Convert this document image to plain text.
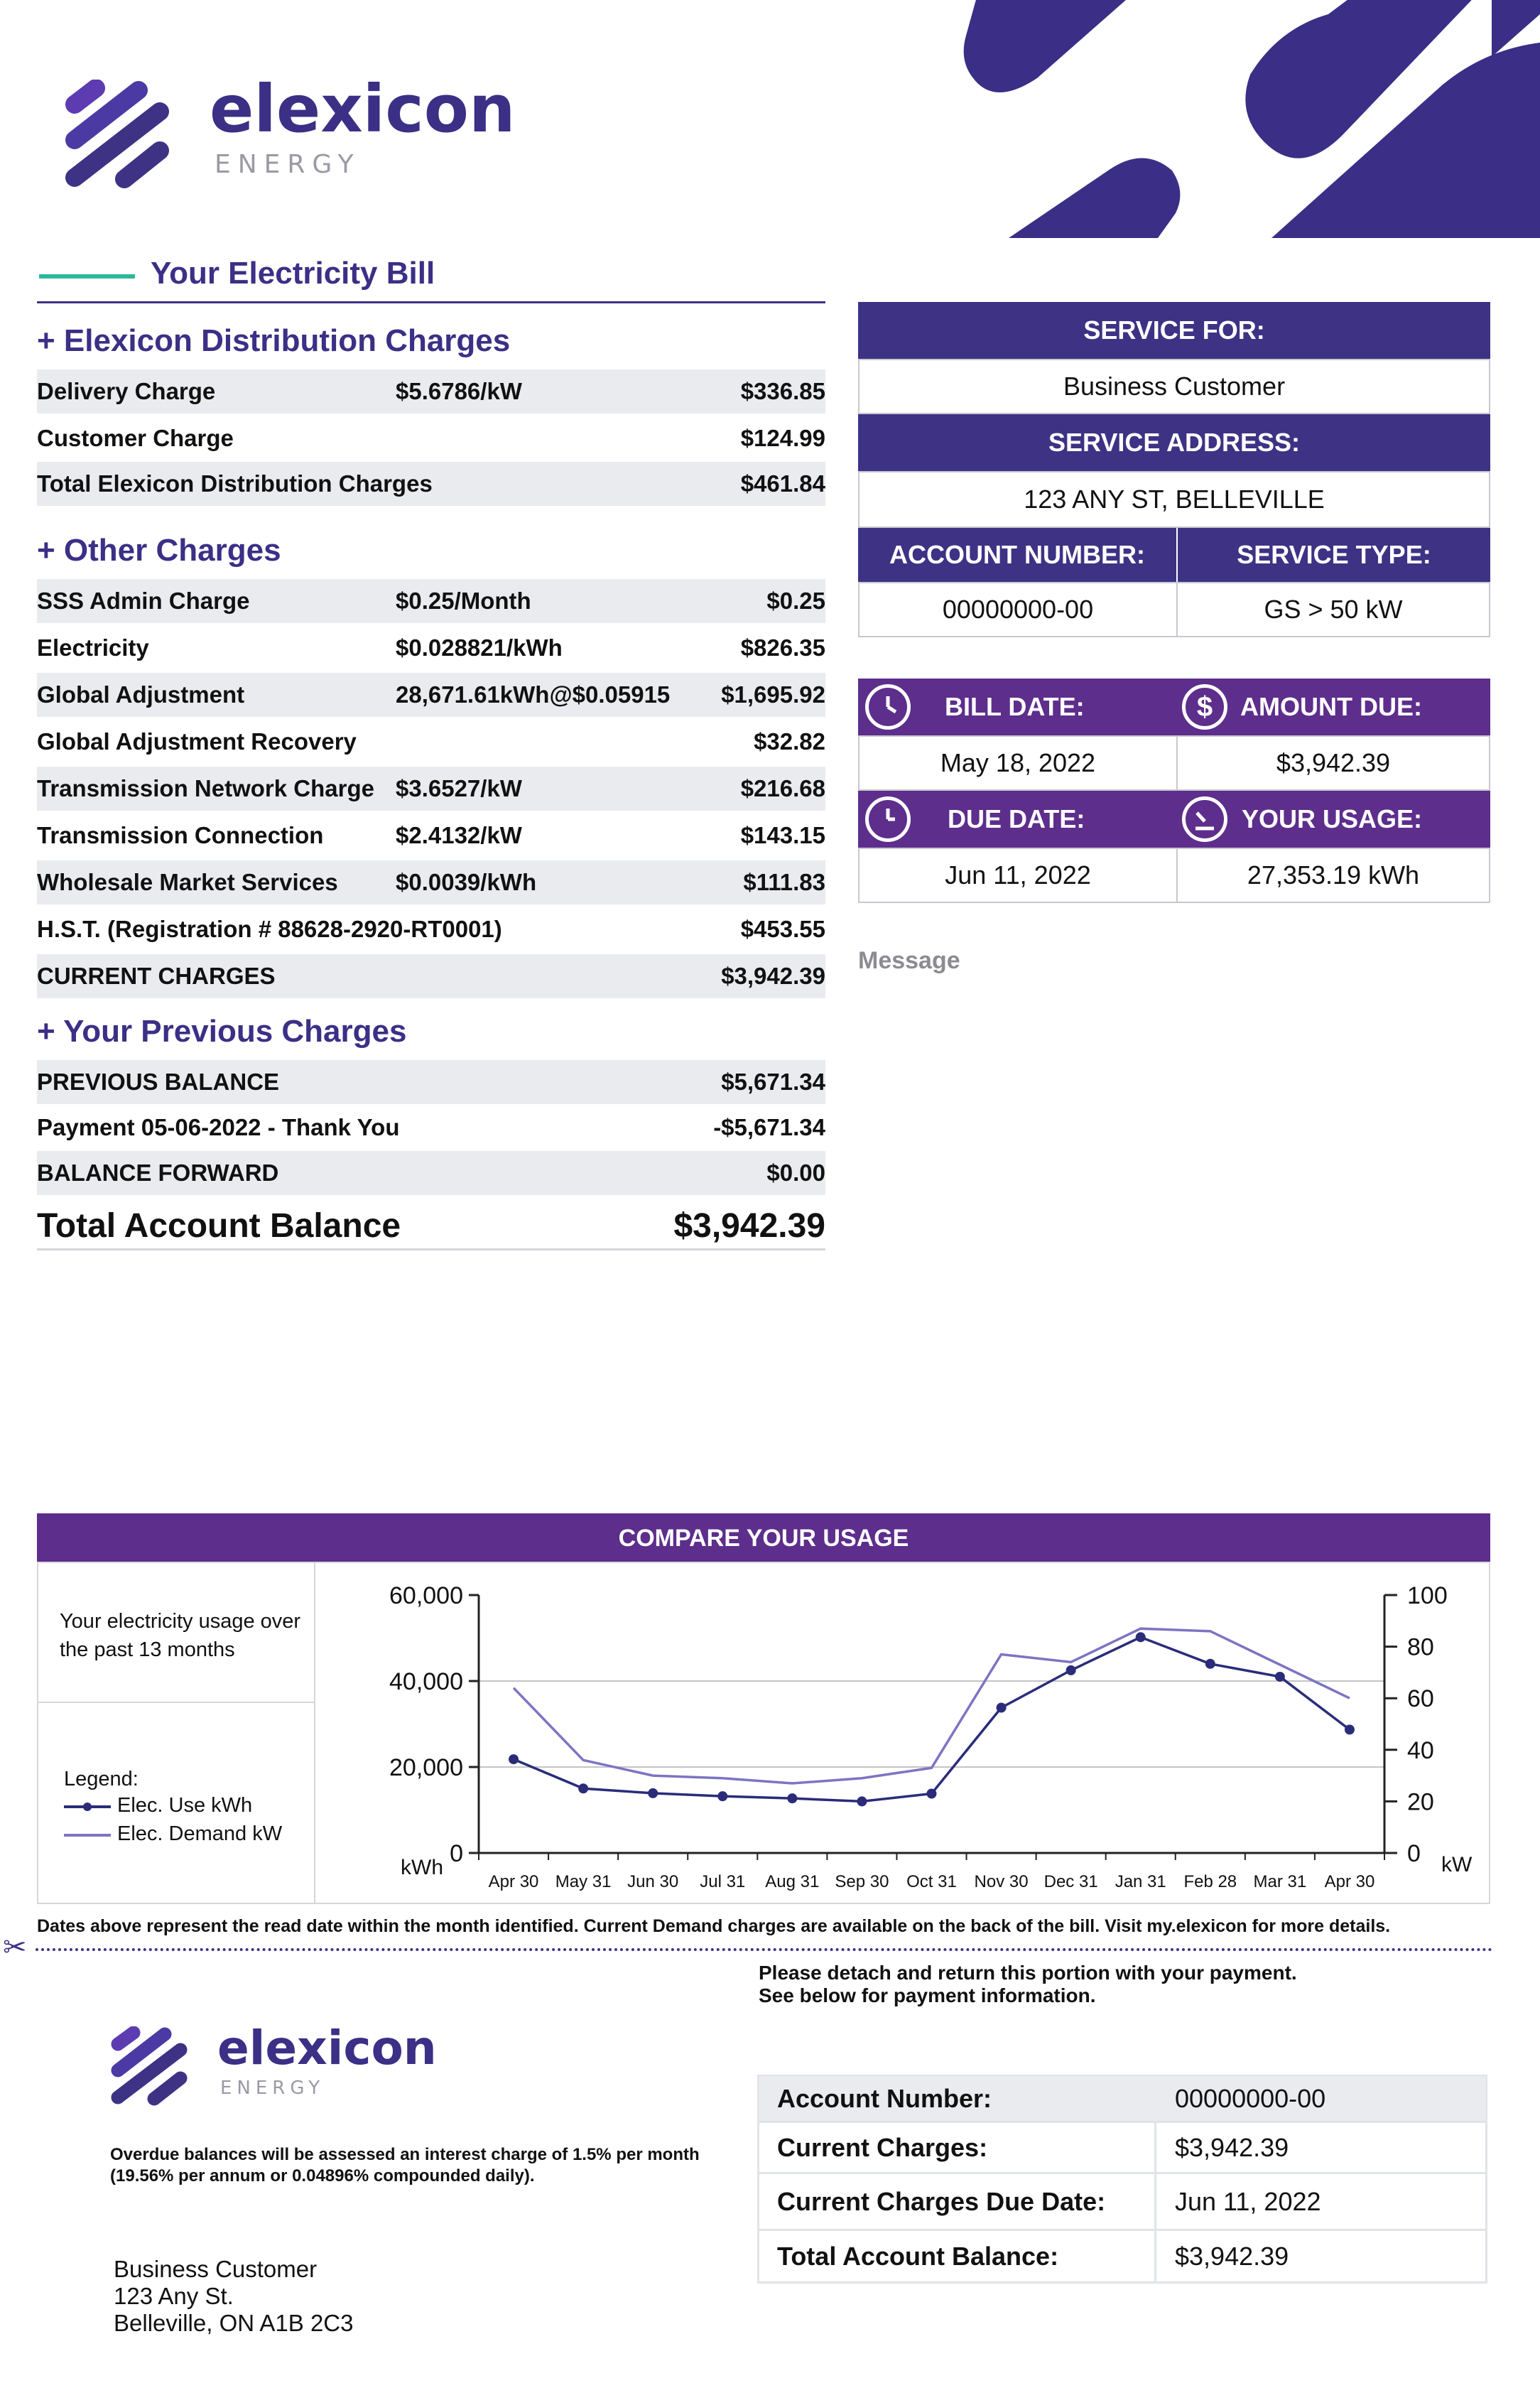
elexicon
ENERGY
Your Electricity Bill
+ Elexicon Distribution Charges
Delivery Charge	$5.6786/kW	$336.85
Customer Charge	$124.99
Total Elexicon Distribution Charges	$461.84
+ Other Charges
SSS Admin Charge	$0.25/Month	$0.25
Electricity	$0.028821/kWh	$826.35
Global Adjustment	28,671.61kWh@$0.05915 $1,695.92
Global Adjustment Recovery	$32.82
Transmission Network Charge $3.6527/kW	$216.68
Transmission Connection	$2.4132/kW	$143.15
Wholesale Market Services $0.0039/kWh	$111.83
H.S.T. (Registration # 88628-2920-RT0001)	$453.55
CURRENT CHARGES	$3,942.39
+ Your Previous Charges
PREVIOUS BALANCE	$5,671.34
Payment 05-06-2022 - Thank You	-$5,671.34
BALANCE FORWARD	$0.00
Total Account Balance	$3,942.39
SERVICE FOR:
Business Customer
SERVICE ADDRESS:
123 ANY ST, BELLEVILLE
ACCOUNT NUMBER:	SERVICE TYPE:
00000000-00	GS > 50 kW
BILL DATE:	$	AMOUNT DUE:
May 18, 2022	$3,942.39
DUE DATE:	YOUR USAGE:
Jun 11, 2022	27,353.19 kWh
Message
COMPARE YOUR USAGE
Your electricity usage over the past 13 months
Legend:
Elec. Use kWh
Elec. Demand kW
0
20,000
40,000
60,000
0
20
40
60
80
100
Apr 30 May 31 Jun 30 Jul 31 Aug 31 Sep 30 Oct 31 Nov 30 Dec 31 Jan 31 Feb 28 Mar 31 Apr 30
kWh	kW
Dates above represent the read date within the month identified. Current Demand charges are available on the back of the bill. Visit my.elexicon for more details.
✂
Please detach and return this portion with your payment.
See below for payment information.
elexicon
ENERGY
Overdue balances will be assessed an interest charge of 1.5% per month (19.56% per annum or 0.04896% compounded daily).
Business Customer
123 Any St.
Belleville, ON A1B 2C3
Account Number:	00000000-00
Current Charges:	$3,942.39
Current Charges Due Date:	Jun 11, 2022
Total Account Balance:	$3,942.39
